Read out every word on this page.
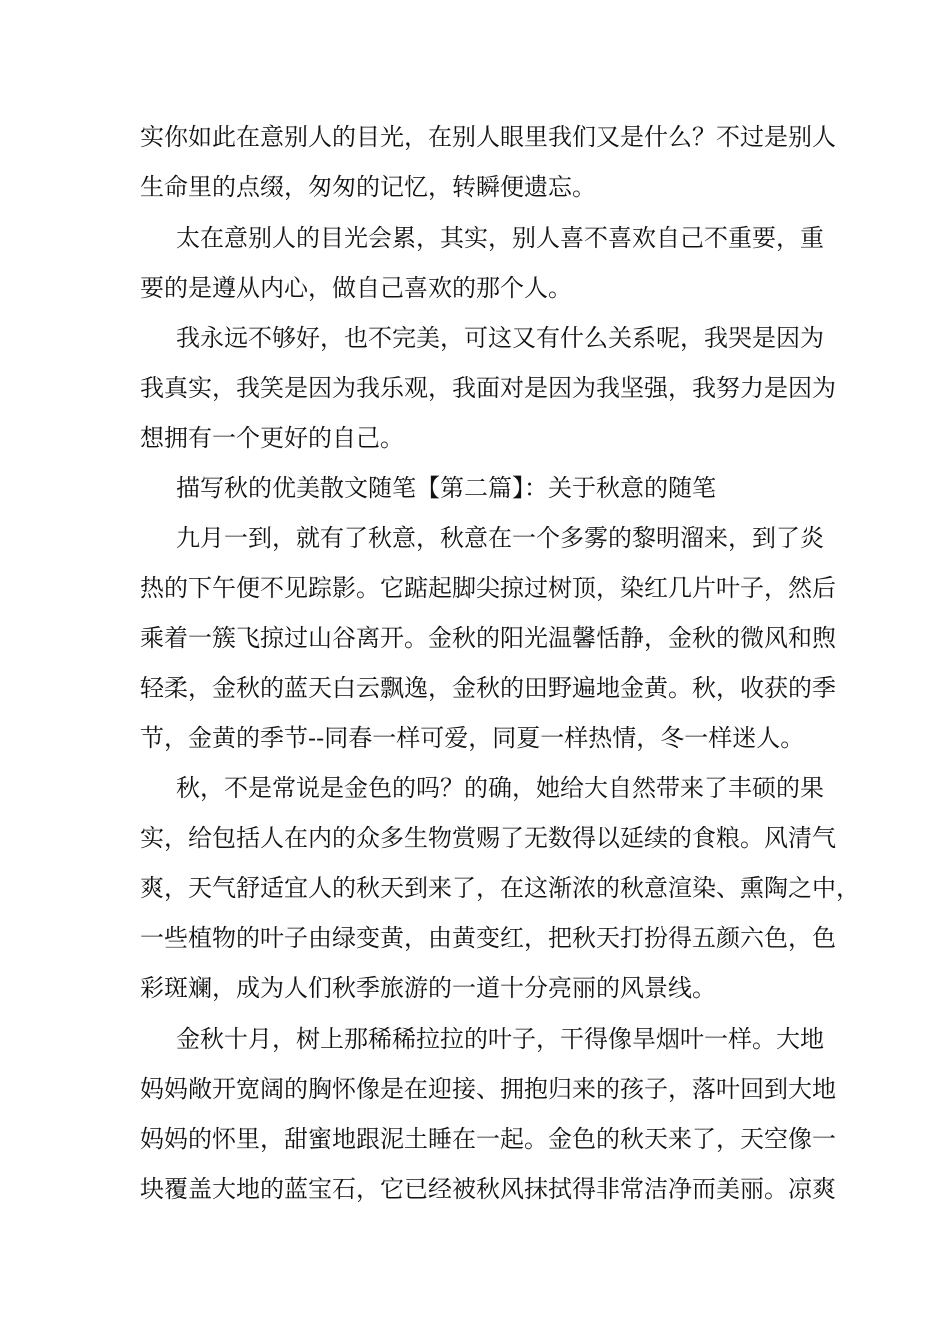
实你如此在意别人的目光，在别人眼里我们又是什么？不过是别人

生命里的点缀，匆匆的记忆，转瞬便遗忘。

太在意别人的目光会累，其实，别人喜不喜欢自己不重要，重

要的是遵从内心，做自己喜欢的那个人。

我永远不够好，也不完美，可这又有什么关系呢，我哭是因为

我真实，我笑是因为我乐观，我面对是因为我坚强，我努力是因为

想拥有一个更好的自己。

描写秋的优美散文随笔【第二篇】：关于秋意的随笔

九月一到，就有了秋意，秋意在一个多雾的黎明溜来，到了炎

热的下午便不见踪影。它踮起脚尖掠过树顶，染红几片叶子，然后

乘着一簇飞掠过山谷离开。金秋的阳光温馨恬静，金秋的微风和煦

轻柔，金秋的蓝天白云飘逸，金秋的田野遍地金黄。秋，收获的季

节，金黄的季节--同春一样可爱，同夏一样热情，冬一样迷人。

秋，不是常说是金色的吗？的确，她给大自然带来了丰硕的果

实，给包括人在内的众多生物赏赐了无数得以延续的食粮。风清气

爽，天气舒适宜人的秋天到来了，在这渐浓的秋意渲染、熏陶之中，

一些植物的叶子由绿变黄，由黄变红，把秋天打扮得五颜六色，色

彩斑斓，成为人们秋季旅游的一道十分亮丽的风景线。

金秋十月，树上那稀稀拉拉的叶子，干得像旱烟叶一样。大地

妈妈敞开宽阔的胸怀像是在迎接、拥抱归来的孩子，落叶回到大地

妈妈的怀里，甜蜜地跟泥土睡在一起。金色的秋天来了，天空像一

块覆盖大地的蓝宝石，它已经被秋风抹拭得非常洁净而美丽。凉爽
